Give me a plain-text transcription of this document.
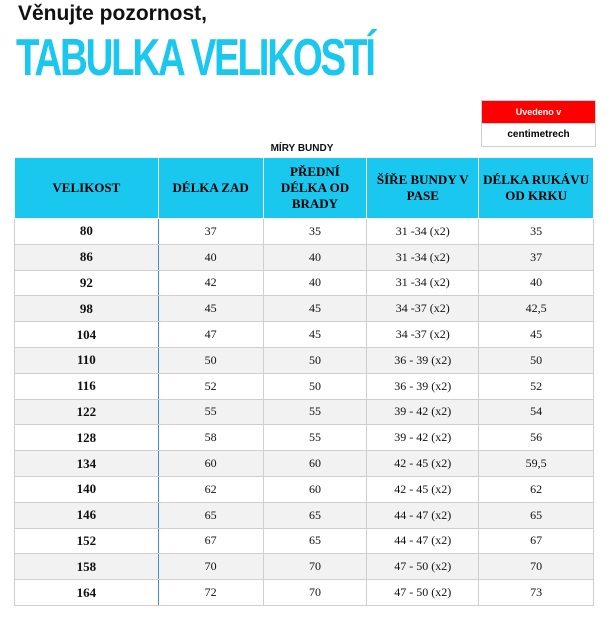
Věnujte pozornost,
TABULKA VELIKOSTÍ
Uvedeno v
centimetrech
MÍRY BUNDY
VELIKOST	DÉLKA ZAD	PŘEDNÍ DÉLKA OD BRADY	ŠÍŘE BUNDY V PASE	DÉLKA RUKÁVU OD KRKU
80	37	35	31 -34 (x2)	35
86	40	40	31 -34 (x2)	37
92	42	40	31 -34 (x2)	40
98	45	45	34 -37 (x2)	42,5
104	47	45	34 -37 (x2)	45
110	50	50	36 - 39 (x2)	50
116	52	50	36 - 39 (x2)	52
122	55	55	39 - 42 (x2)	54
128	58	55	39 - 42 (x2)	56
134	60	60	42 - 45 (x2)	59,5
140	62	60	42 - 45 (x2)	62
146	65	65	44 - 47 (x2)	65
152	67	65	44 - 47 (x2)	67
158	70	70	47 - 50 (x2)	70
164	72	70	47 - 50 (x2)	73
